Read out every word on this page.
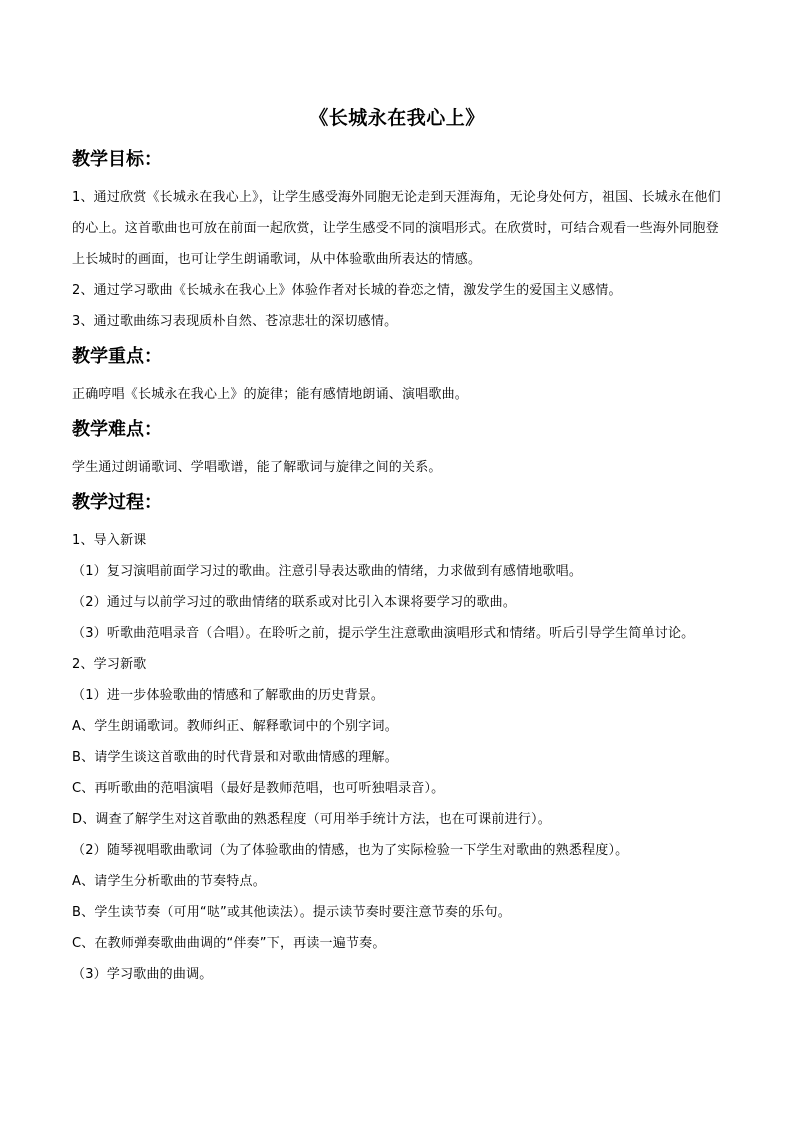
《长城永在我心上》
教学目标：

1、通过欣赏《长城永在我心上》，让学生感受海外同胞无论走到天涯海角，无论身处何方，祖国、长城永在他们的心上。这首歌曲也可放在前面一起欣赏，让学生感受不同的演唱形式。在欣赏时，可结合观看一些海外同胞登上长城时的画面，也可让学生朗诵歌词，从中体验歌曲所表达的情感。

2、通过学习歌曲《长城永在我心上》体验作者对长城的眷恋之情，激发学生的爱国主义感情。

3、通过歌曲练习表现质朴自然、苍凉悲壮的深切感情。

教学重点：

正确哼唱《长城永在我心上》的旋律；能有感情地朗诵、演唱歌曲。

教学难点：

学生通过朗诵歌词、学唱歌谱，能了解歌词与旋律之间的关系。

教学过程：

1、导入新课

（1）复习演唱前面学习过的歌曲。注意引导表达歌曲的情绪，力求做到有感情地歌唱。

（2）通过与以前学习过的歌曲情绪的联系或对比引入本课将要学习的歌曲。

（3）听歌曲范唱录音（合唱）。在聆听之前，提示学生注意歌曲演唱形式和情绪。听后引导学生简单讨论。

2、学习新歌

（1）进一步体验歌曲的情感和了解歌曲的历史背景。

A、学生朗诵歌词。教师纠正、解释歌词中的个别字词。

B、请学生谈这首歌曲的时代背景和对歌曲情感的理解。

C、再听歌曲的范唱演唱（最好是教师范唱，也可听独唱录音）。

D、调查了解学生对这首歌曲的熟悉程度（可用举手统计方法，也在可课前进行）。

（2）随琴视唱歌曲歌词（为了体验歌曲的情感，也为了实际检验一下学生对歌曲的熟悉程度）。

A、请学生分析歌曲的节奏特点。

B、学生读节奏（可用“哒”或其他读法）。提示读节奏时要注意节奏的乐句。

C、在教师弹奏歌曲曲调的“伴奏”下，再读一遍节奏。

（3）学习歌曲的曲调。
